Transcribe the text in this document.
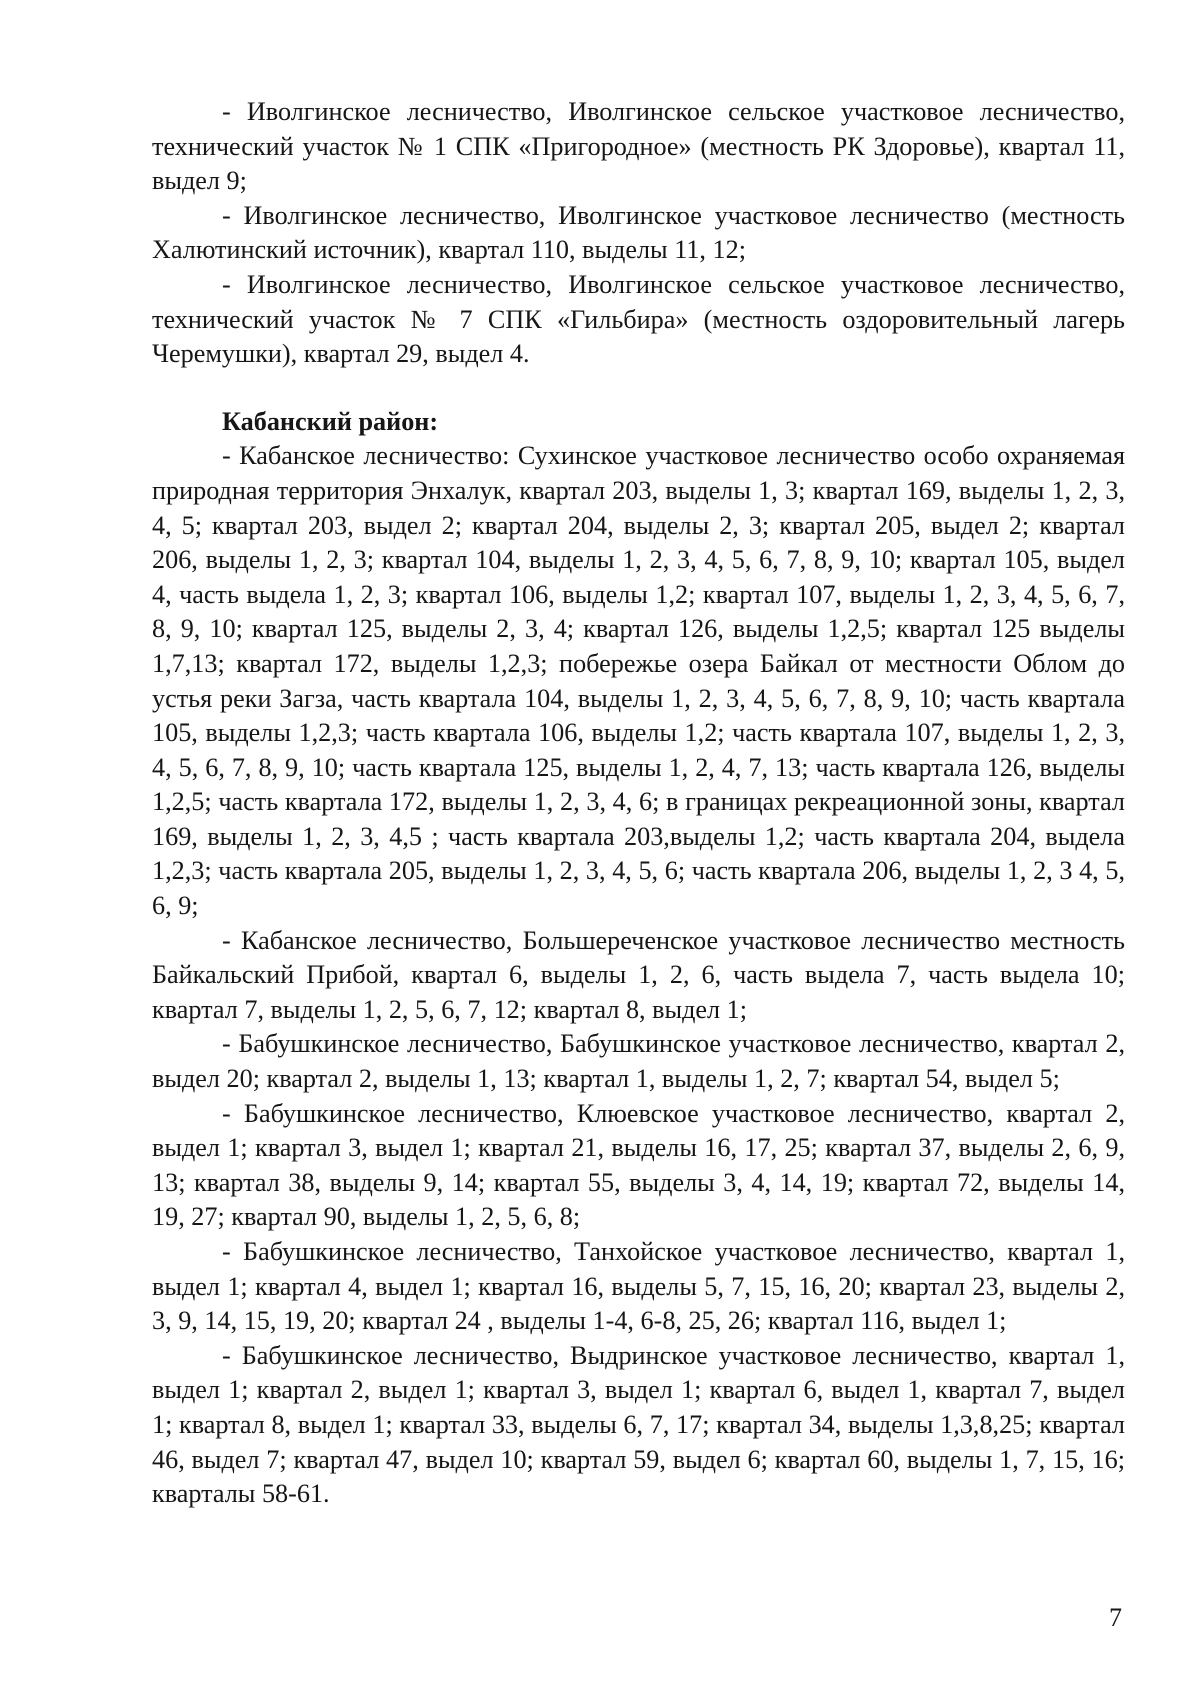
- Иволгинское лесничество, Иволгинское сельское участковое лесничество, технический участок № 1 СПК «Пригородное» (местность РК Здоровье), квартал 11, выдел 9;

- Иволгинское лесничество, Иволгинское участковое лесничество (местность Халютинский источник), квартал 110, выделы 11, 12;

- Иволгинское лесничество, Иволгинское сельское участковое лесничество, технический участок № 7 СПК «Гильбира» (местность оздоровительный лагерь Черемушки), квартал 29, выдел 4.

Кабанский район:

- Кабанское лесничество: Сухинское участковое лесничество особо охраняемая природная территория Энхалук, квартал 203, выделы 1, 3; квартал 169, выделы 1, 2, 3, 4, 5; квартал 203, выдел 2; квартал 204, выделы 2, 3; квартал 205, выдел 2; квартал 206, выделы 1, 2, 3; квартал 104, выделы 1, 2, 3, 4, 5, 6, 7, 8, 9, 10; квартал 105, выдел 4, часть выдела 1, 2, 3; квартал 106, выделы 1,2; квартал 107, выделы 1, 2, 3, 4, 5, 6, 7, 8, 9, 10; квартал 125, выделы 2, 3, 4; квартал 126, выделы 1,2,5; квартал 125 выделы 1,7,13; квартал 172, выделы 1,2,3; побережье озера Байкал от местности Облом до устья реки Загза, часть квартала 104, выделы 1, 2, 3, 4, 5, 6, 7, 8, 9, 10; часть квартала 105, выделы 1,2,3; часть квартала 106, выделы 1,2; часть квартала 107, выделы 1, 2, 3, 4, 5, 6, 7, 8, 9, 10; часть квартала 125, выделы 1, 2, 4, 7, 13; часть квартала 126, выделы 1,2,5; часть квартала 172, выделы 1, 2, 3, 4, 6; в границах рекреационной зоны, квартал 169, выделы 1, 2, 3, 4,5 ; часть квартала 203,выделы 1,2; часть квартала 204, выдела 1,2,3; часть квартала 205, выделы 1, 2, 3, 4, 5, 6; часть квартала 206, выделы 1, 2, 3 4, 5, 6, 9;

- Кабанское лесничество, Большереченское участковое лесничество местность Байкальский Прибой, квартал 6, выделы 1, 2, 6, часть выдела 7, часть выдела 10; квартал 7, выделы 1, 2, 5, 6, 7, 12; квартал 8, выдел 1;

- Бабушкинское лесничество, Бабушкинское участковое лесничество, квартал 2, выдел 20; квартал 2, выделы 1, 13; квартал 1, выделы 1, 2, 7; квартал 54, выдел 5;

- Бабушкинское лесничество, Клюевское участковое лесничество, квартал 2, выдел 1; квартал 3, выдел 1; квартал 21, выделы 16, 17, 25; квартал 37, выделы 2, 6, 9, 13; квартал 38, выделы 9, 14; квартал 55, выделы 3, 4, 14, 19; квартал 72, выделы 14, 19, 27; квартал 90, выделы 1, 2, 5, 6, 8;

- Бабушкинское лесничество, Танхойское участковое лесничество, квартал 1, выдел 1; квартал 4, выдел 1; квартал 16, выделы 5, 7, 15, 16, 20; квартал 23, выделы 2, 3, 9, 14, 15, 19, 20; квартал 24 , выделы 1-4, 6-8, 25, 26; квартал 116, выдел 1;

- Бабушкинское лесничество, Выдринское участковое лесничество, квартал 1, выдел 1; квартал 2, выдел 1; квартал 3, выдел 1; квартал 6, выдел 1, квартал 7, выдел 1; квартал 8, выдел 1; квартал 33, выделы 6, 7, 17; квартал 34, выделы 1,3,8,25; квартал 46, выдел 7; квартал 47, выдел 10; квартал 59, выдел 6; квартал 60, выделы 1, 7, 15, 16; кварталы 58-61.

7
